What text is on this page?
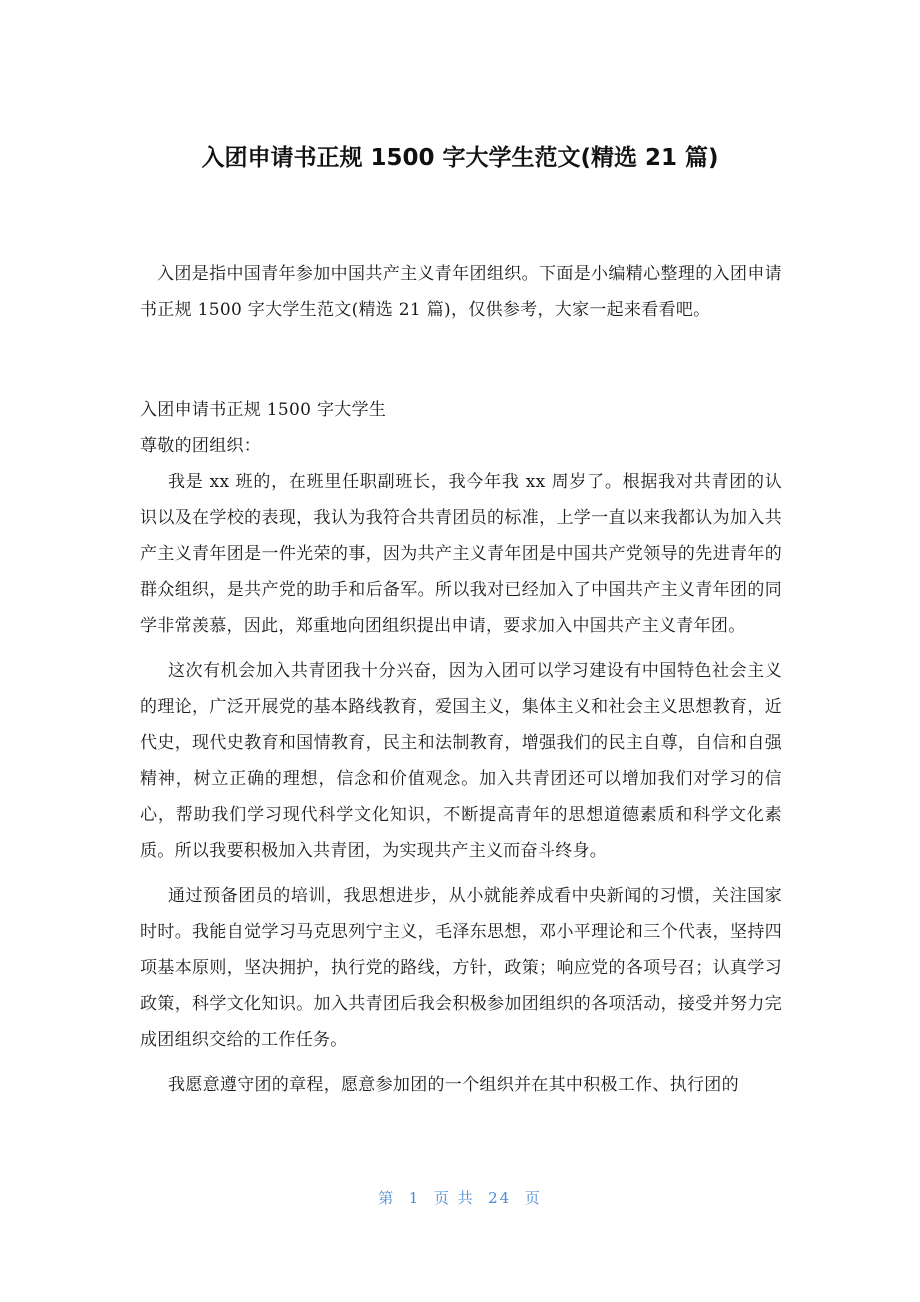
入团申请书正规 1500 字大学生范文(精选 21 篇)

入团是指中国青年参加中国共产主义青年团组织。下面是小编精心整理的入团申请书正规 1500 字大学生范文(精选 21 篇)，仅供参考，大家一起来看看吧。

入团申请书正规 1500 字大学生

尊敬的团组织：

我是 xx 班的，在班里任职副班长，我今年我 xx 周岁了。根据我对共青团的认识以及在学校的表现，我认为我符合共青团员的标准，上学一直以来我都认为加入共产主义青年团是一件光荣的事，因为共产主义青年团是中国共产党领导的先进青年的群众组织，是共产党的助手和后备军。所以我对已经加入了中国共产主义青年团的同学非常羡慕，因此，郑重地向团组织提出申请，要求加入中国共产主义青年团。

这次有机会加入共青团我十分兴奋，因为入团可以学习建设有中国特色社会主义的理论，广泛开展党的基本路线教育，爱国主义，集体主义和社会主义思想教育，近代史，现代史教育和国情教育，民主和法制教育，增强我们的民主自尊，自信和自强精神，树立正确的理想，信念和价值观念。加入共青团还可以增加我们对学习的信心，帮助我们学习现代科学文化知识，不断提高青年的思想道德素质和科学文化素质。所以我要积极加入共青团，为实现共产主义而奋斗终身。

通过预备团员的培训，我思想进步，从小就能养成看中央新闻的习惯，关注国家时时。我能自觉学习马克思列宁主义，毛泽东思想，邓小平理论和三个代表，坚持四项基本原则，坚决拥护，执行党的路线，方针，政策；响应党的各项号召；认真学习政策，科学文化知识。加入共青团后我会积极参加团组织的各项活动，接受并努力完成团组织交给的工作任务。

我愿意遵守团的章程，愿意参加团的一个组织并在其中积极工作、执行团的

第  1  页 共  24  页
